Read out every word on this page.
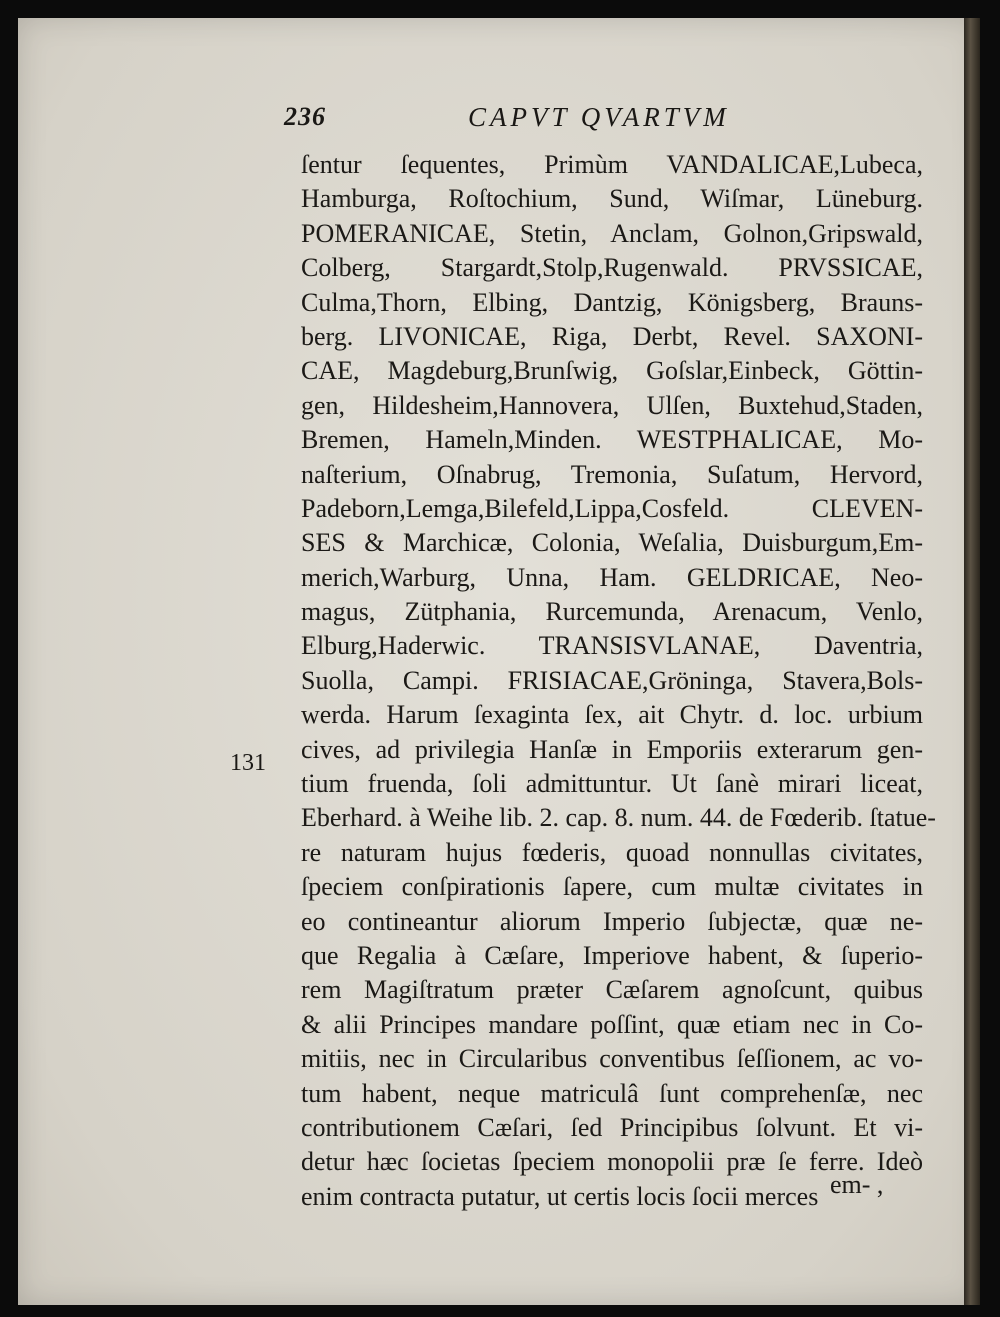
236	CAPVT QVARTVM
131
ſentur ſequentes, Primùm VANDALICAE,Lubeca,
Hamburga, Roſtochium, Sund, Wiſmar, Lüneburg.
POMERANICAE, Stetin, Anclam, Golnon,Gripswald,
Colberg, Stargardt,Stolp,Rugenwald. PRVSSICAE,
Culma,Thorn, Elbing, Dantzig, Königsberg, Brauns-
berg. LIVONICAE, Riga, Derbt, Revel. SAXONI-
CAE, Magdeburg,Brunſwig, Goſslar,Einbeck, Göttin-
gen, Hildesheim,Hannovera, Ulſen, Buxtehud,Staden,
Bremen, Hameln,Minden. WESTPHALICAE, Mo-
naſterium, Oſnabrug, Tremonia, Suſatum, Hervord,
Padeborn,Lemga,Bilefeld,Lippa,Cosfeld. CLEVEN-
SES & Marchicæ, Colonia, Weſalia, Duisburgum,Em-
merich,Warburg, Unna, Ham. GELDRICAE, Neo-
magus, Zütphania, Rurcemunda, Arenacum, Venlo,
Elburg,Haderwic. TRANSISVLANAE, Daventria,
Suolla, Campi. FRISIACAE,Gröninga, Stavera,Bols-
werda. Harum ſexaginta ſex, ait Chytr. d. loc. urbium
cives, ad privilegia Hanſæ in Emporiis exterarum gen-
tium fruenda, ſoli admittuntur. Ut ſanè mirari liceat,
Eberhard. à Weihe lib. 2. cap. 8. num. 44. de Fœderib. ſtatue-
re naturam hujus fœderis, quoad nonnullas civitates,
ſpeciem conſpirationis ſapere, cum multæ civitates in
eo contineantur aliorum Imperio ſubjectæ, quæ ne-
que Regalia à Cæſare, Imperiove habent, & ſuperio-
rem Magiſtratum præter Cæſarem agnoſcunt, quibus
& alii Principes mandare poſſint, quæ etiam nec in Co-
mitiis, nec in Circularibus conventibus ſeſſionem, ac vo-
tum habent, neque matriculâ ſunt comprehenſæ, nec
contributionem Cæſari, ſed Principibus ſolvunt. Et vi-
detur hæc ſocietas ſpeciem monopolii præ ſe ferre. Ideò
enim contracta putatur, ut certis locis ſocii merces em- ,
